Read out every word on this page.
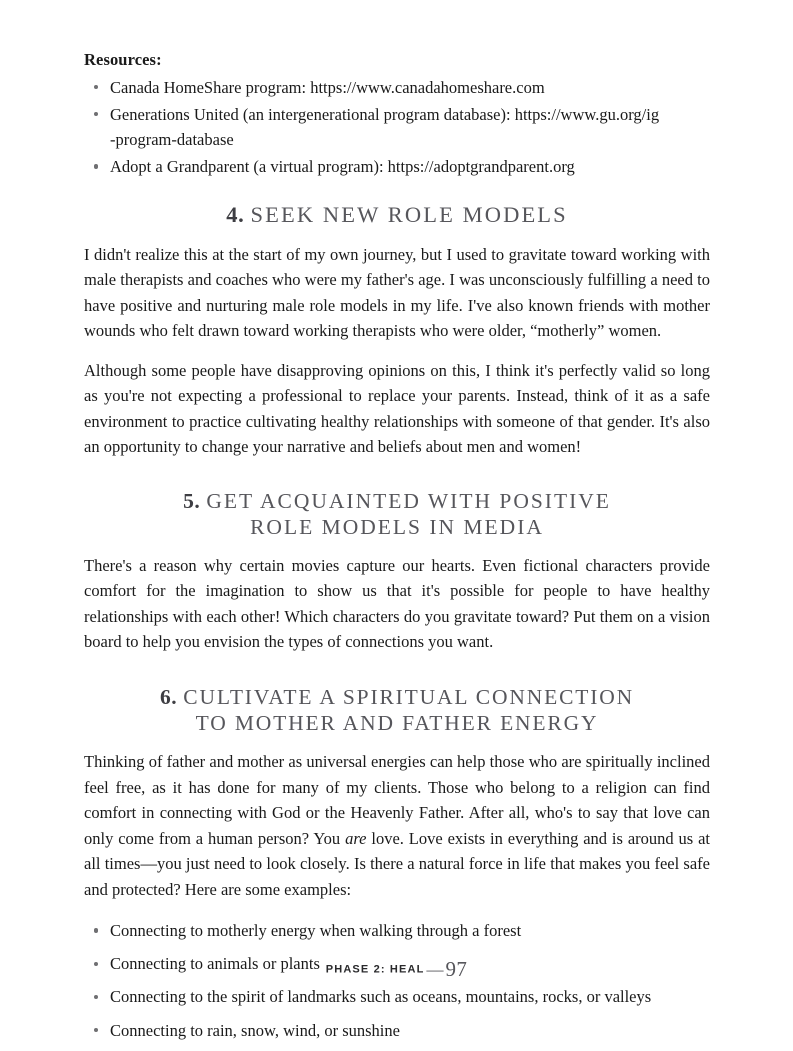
Resources:
Canada HomeShare program: https://www.canadahomeshare.com
Generations United (an intergenerational program database): https://www.gu.org/ig
-program-database
Adopt a Grandparent (a virtual program): https://adoptgrandparent.org
4. SEEK NEW ROLE MODELS

I didn't realize this at the start of my own journey, but I used to gravitate toward working with male therapists and coaches who were my father's age. I was unconsciously fulfilling a need to have positive and nurturing male role models in my life. I've also known friends with mother wounds who felt drawn toward working therapists who were older, “motherly” women.

Although some people have disapproving opinions on this, I think it's perfectly valid so long as you're not expecting a professional to replace your parents. Instead, think of it as a safe environment to practice cultivating healthy relationships with someone of that gender. It's also an opportunity to change your narrative and beliefs about men and women!

5. GET ACQUAINTED WITH POSITIVE
ROLE MODELS IN MEDIA

There's a reason why certain movies capture our hearts. Even fictional characters provide comfort for the imagination to show us that it's possible for people to have healthy relationships with each other! Which characters do you gravitate toward? Put them on a vision board to help you envision the types of connections you want.

6. CULTIVATE A SPIRITUAL CONNECTION
TO MOTHER AND FATHER ENERGY

Thinking of father and mother as universal energies can help those who are spiritually inclined feel free, as it has done for many of my clients. Those who belong to a religion can find comfort in connecting with God or the Heavenly Father. After all, who's to say that love can only come from a human person? You are love. Love exists in everything and is around us at all times—you just need to look closely. Is there a natural force in life that makes you feel safe and protected? Here are some examples:

Connecting to motherly energy when walking through a forest
Connecting to animals or plants
Connecting to the spirit of landmarks such as oceans, mountains, rocks, or valleys
Connecting to rain, snow, wind, or sunshine
PHASE 2: HEAL —97
